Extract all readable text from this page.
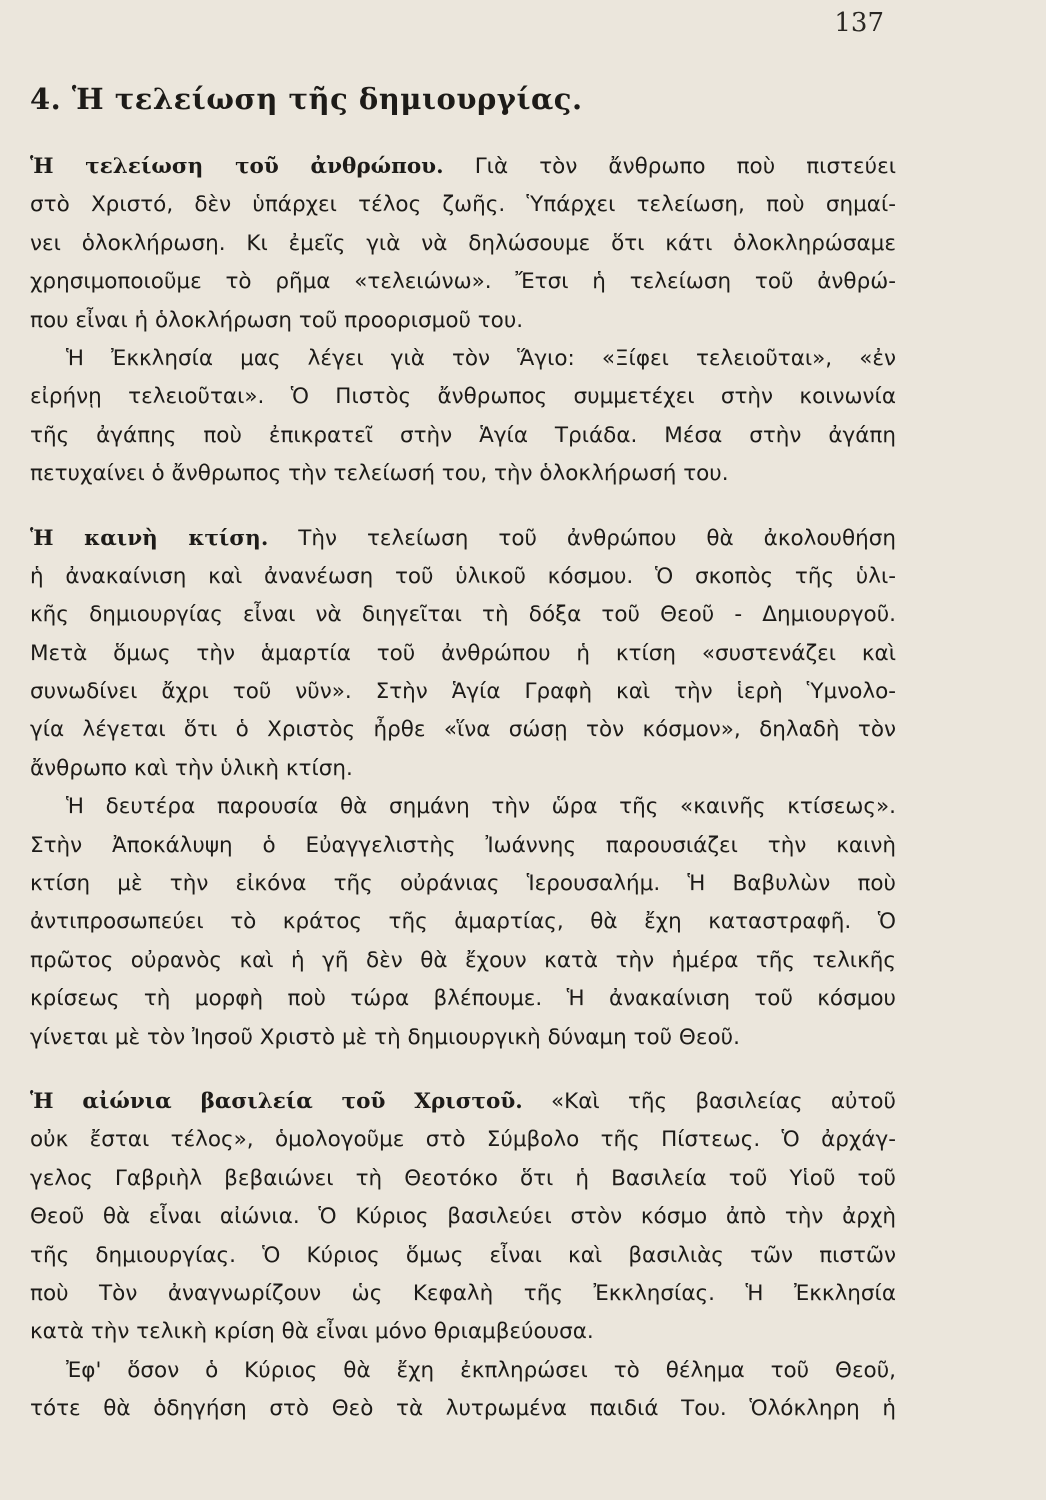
137
4. Ἡ τελείωση τῆς δημιουργίας.
Ἡ τελείωση τοῦ ἀνθρώπου. Γιὰ τὸν ἄνθρωπο ποὺ πιστεύει
στὸ Χριστό, δὲν ὑπάρχει τέλος ζωῆς. Ὑπάρχει τελείωση, ποὺ σημαί-
νει ὁλοκλήρωση. Κι ἐμεῖς γιὰ νὰ δηλώσουμε ὅτι κάτι ὁλοκληρώσαμε
χρησιμοποιοῦμε τὸ ρῆμα «τελειώνω». Ἔτσι ἡ τελείωση τοῦ ἀνθρώ-
που εἶναι ἡ ὁλοκλήρωση τοῦ προορισμοῦ του.
Ἡ Ἐκκλησία μας λέγει γιὰ τὸν Ἅγιο: «Ξίφει τελειοῦται», «ἐν
εἰρήνῃ τελειοῦται». Ὁ Πιστὸς ἄνθρωπος συμμετέχει στὴν κοινωνία
τῆς ἀγάπης ποὺ ἐπικρατεῖ στὴν Ἁγία Τριάδα. Μέσα στὴν ἀγάπη
πετυχαίνει ὁ ἄνθρωπος τὴν τελείωσή του, τὴν ὁλοκλήρωσή του.
Ἡ καινὴ κτίση. Τὴν τελείωση τοῦ ἀνθρώπου θὰ ἀκολουθήση
ἡ ἀνακαίνιση καὶ ἀνανέωση τοῦ ὑλικοῦ κόσμου. Ὁ σκοπὸς τῆς ὑλι-
κῆς δημιουργίας εἶναι νὰ διηγεῖται τὴ δόξα τοῦ Θεοῦ - Δημιουργοῦ.
Μετὰ ὅμως τὴν ἁμαρτία τοῦ ἀνθρώπου ἡ κτίση «συστενάζει καὶ
συνωδίνει ἄχρι τοῦ νῦν». Στὴν Ἁγία Γραφὴ καὶ τὴν ἱερὴ Ὑμνολο-
γία λέγεται ὅτι ὁ Χριστὸς ἦρθε «ἵνα σώσῃ τὸν κόσμον», δηλαδὴ τὸν
ἄνθρωπο καὶ τὴν ὑλικὴ κτίση.
Ἡ δευτέρα παρουσία θὰ σημάνη τὴν ὥρα τῆς «καινῆς κτίσεως».
Στὴν Ἀποκάλυψη ὁ Εὐαγγελιστὴς Ἰωάννης παρουσιάζει τὴν καινὴ
κτίση μὲ τὴν εἰκόνα τῆς οὐράνιας Ἱερουσαλήμ. Ἡ Βαβυλὼν ποὺ
ἀντιπροσωπεύει τὸ κράτος τῆς ἁμαρτίας, θὰ ἔχη καταστραφῆ. Ὁ
πρῶτος οὐρανὸς καὶ ἡ γῆ δὲν θὰ ἔχουν κατὰ τὴν ἡμέρα τῆς τελικῆς
κρίσεως τὴ μορφὴ ποὺ τώρα βλέπουμε. Ἡ ἀνακαίνιση τοῦ κόσμου
γίνεται μὲ τὸν Ἰησοῦ Χριστὸ μὲ τὴ δημιουργικὴ δύναμη τοῦ Θεοῦ.
Ἡ αἰώνια βασιλεία τοῦ Χριστοῦ. «Καὶ τῆς βασιλείας αὐτοῦ
οὐκ ἔσται τέλος», ὁμολογοῦμε στὸ Σύμβολο τῆς Πίστεως. Ὁ ἀρχάγ-
γελος Γαβριὴλ βεβαιώνει τὴ Θεοτόκο ὅτι ἡ Βασιλεία τοῦ Υἱοῦ τοῦ
Θεοῦ θὰ εἶναι αἰώνια. Ὁ Κύριος βασιλεύει στὸν κόσμο ἀπὸ τὴν ἀρχὴ
τῆς δημιουργίας. Ὁ Κύριος ὅμως εἶναι καὶ βασιλιὰς τῶν πιστῶν
ποὺ Τὸν ἀναγνωρίζουν ὡς Κεφαλὴ τῆς Ἐκκλησίας. Ἡ Ἐκκλησία
κατὰ τὴν τελικὴ κρίση θὰ εἶναι μόνο θριαμβεύουσα.
Ἐφ' ὅσον ὁ Κύριος θὰ ἔχη ἐκπληρώσει τὸ θέλημα τοῦ Θεοῦ,
τότε θὰ ὁδηγήση στὸ Θεὸ τὰ λυτρωμένα παιδιά Του. Ὁλόκληρη ἡ
